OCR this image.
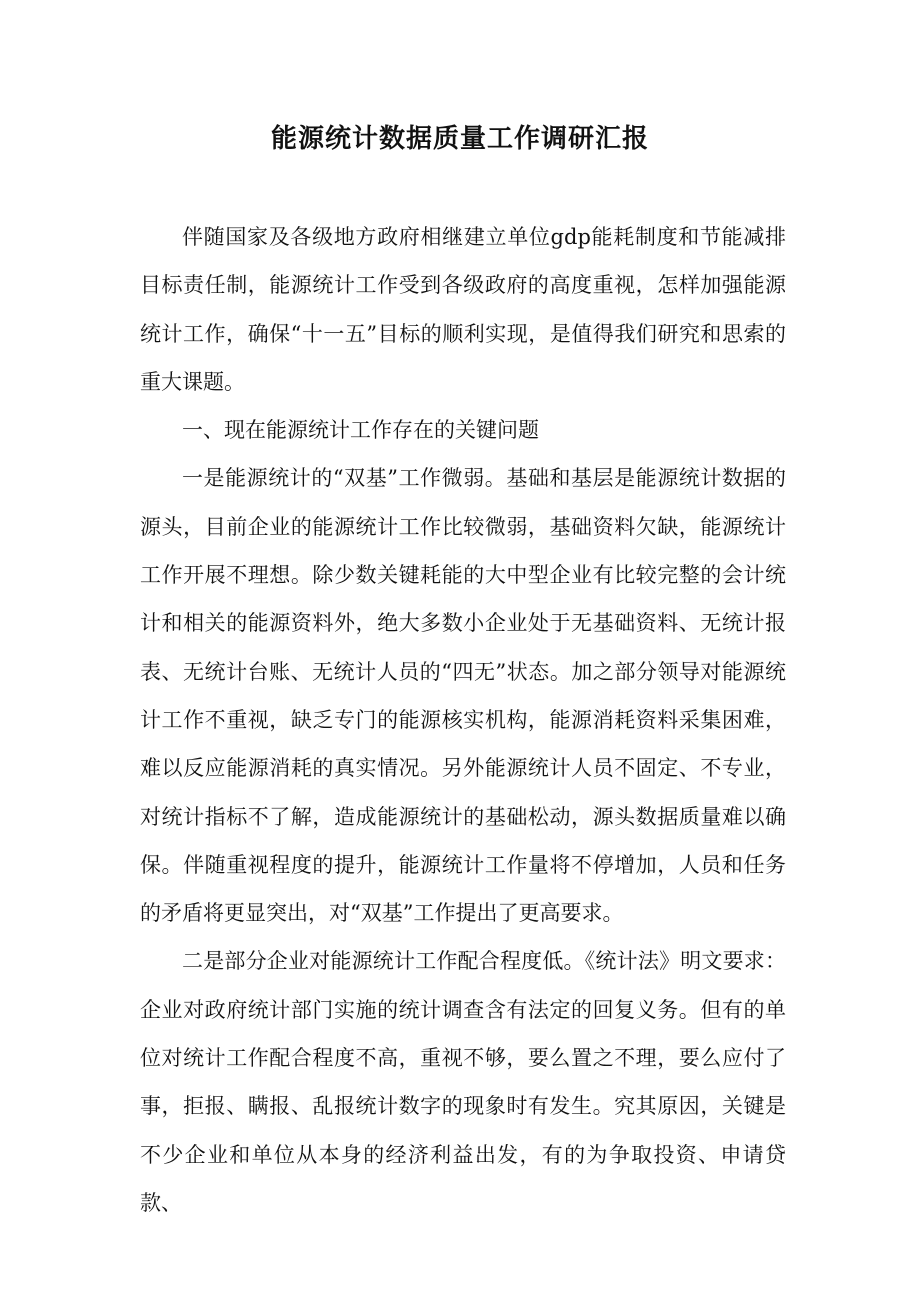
能源统计数据质量工作调研汇报

伴随国家及各级地方政府相继建立单位gdp能耗制度和节能减排目标责任制，能源统计工作受到各级政府的高度重视，怎样加强能源统计工作，确保“十一五”目标的顺利实现，是值得我们研究和思索的重大课题。

一、现在能源统计工作存在的关键问题

一是能源统计的“双基”工作微弱。基础和基层是能源统计数据的源头，目前企业的能源统计工作比较微弱，基础资料欠缺，能源统计工作开展不理想。除少数关键耗能的大中型企业有比较完整的会计统计和相关的能源资料外，绝大多数小企业处于无基础资料、无统计报表、无统计台账、无统计人员的“四无”状态。加之部分领导对能源统计工作不重视，缺乏专门的能源核实机构，能源消耗资料采集困难，难以反应能源消耗的真实情况。另外能源统计人员不固定、不专业，对统计指标不了解，造成能源统计的基础松动，源头数据质量难以确保。伴随重视程度的提升，能源统计工作量将不停增加，人员和任务的矛盾将更显突出，对“双基”工作提出了更高要求。

二是部分企业对能源统计工作配合程度低。《统计法》明文要求：企业对政府统计部门实施的统计调查含有法定的回复义务。但有的单位对统计工作配合程度不高，重视不够，要么置之不理，要么应付了事，拒报、瞒报、乱报统计数字的现象时有发生。究其原因，关键是不少企业和单位从本身的经济利益出发，有的为争取投资、申请贷款、
